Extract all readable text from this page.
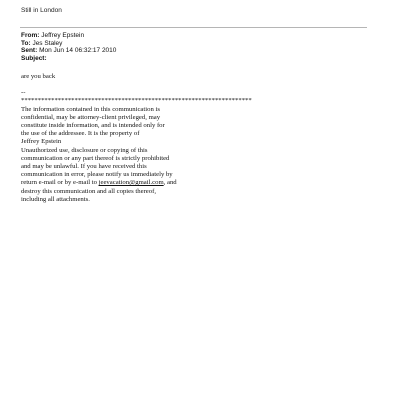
Still in London
From: Jeffrey Epstein
To: Jes Staley
Sent: Mon Jun 14 06:32:17 2010
Subject:
are you back
--
*********************************************************************
The information contained in this communication is
confidential, may be attorney-client privileged, may
constitute inside information, and is intended only for
the use of the addressee. It is the property of
Jeffrey Epstein
Unauthorized use, disclosure or copying of this
communication or any part thereof is strictly prohibited
and may be unlawful. If you have received this
communication in error, please notify us immediately by
return e-mail or by e-mail to jeevacation@gmail.com, and
destroy this communication and all copies thereof,
including all attachments.
